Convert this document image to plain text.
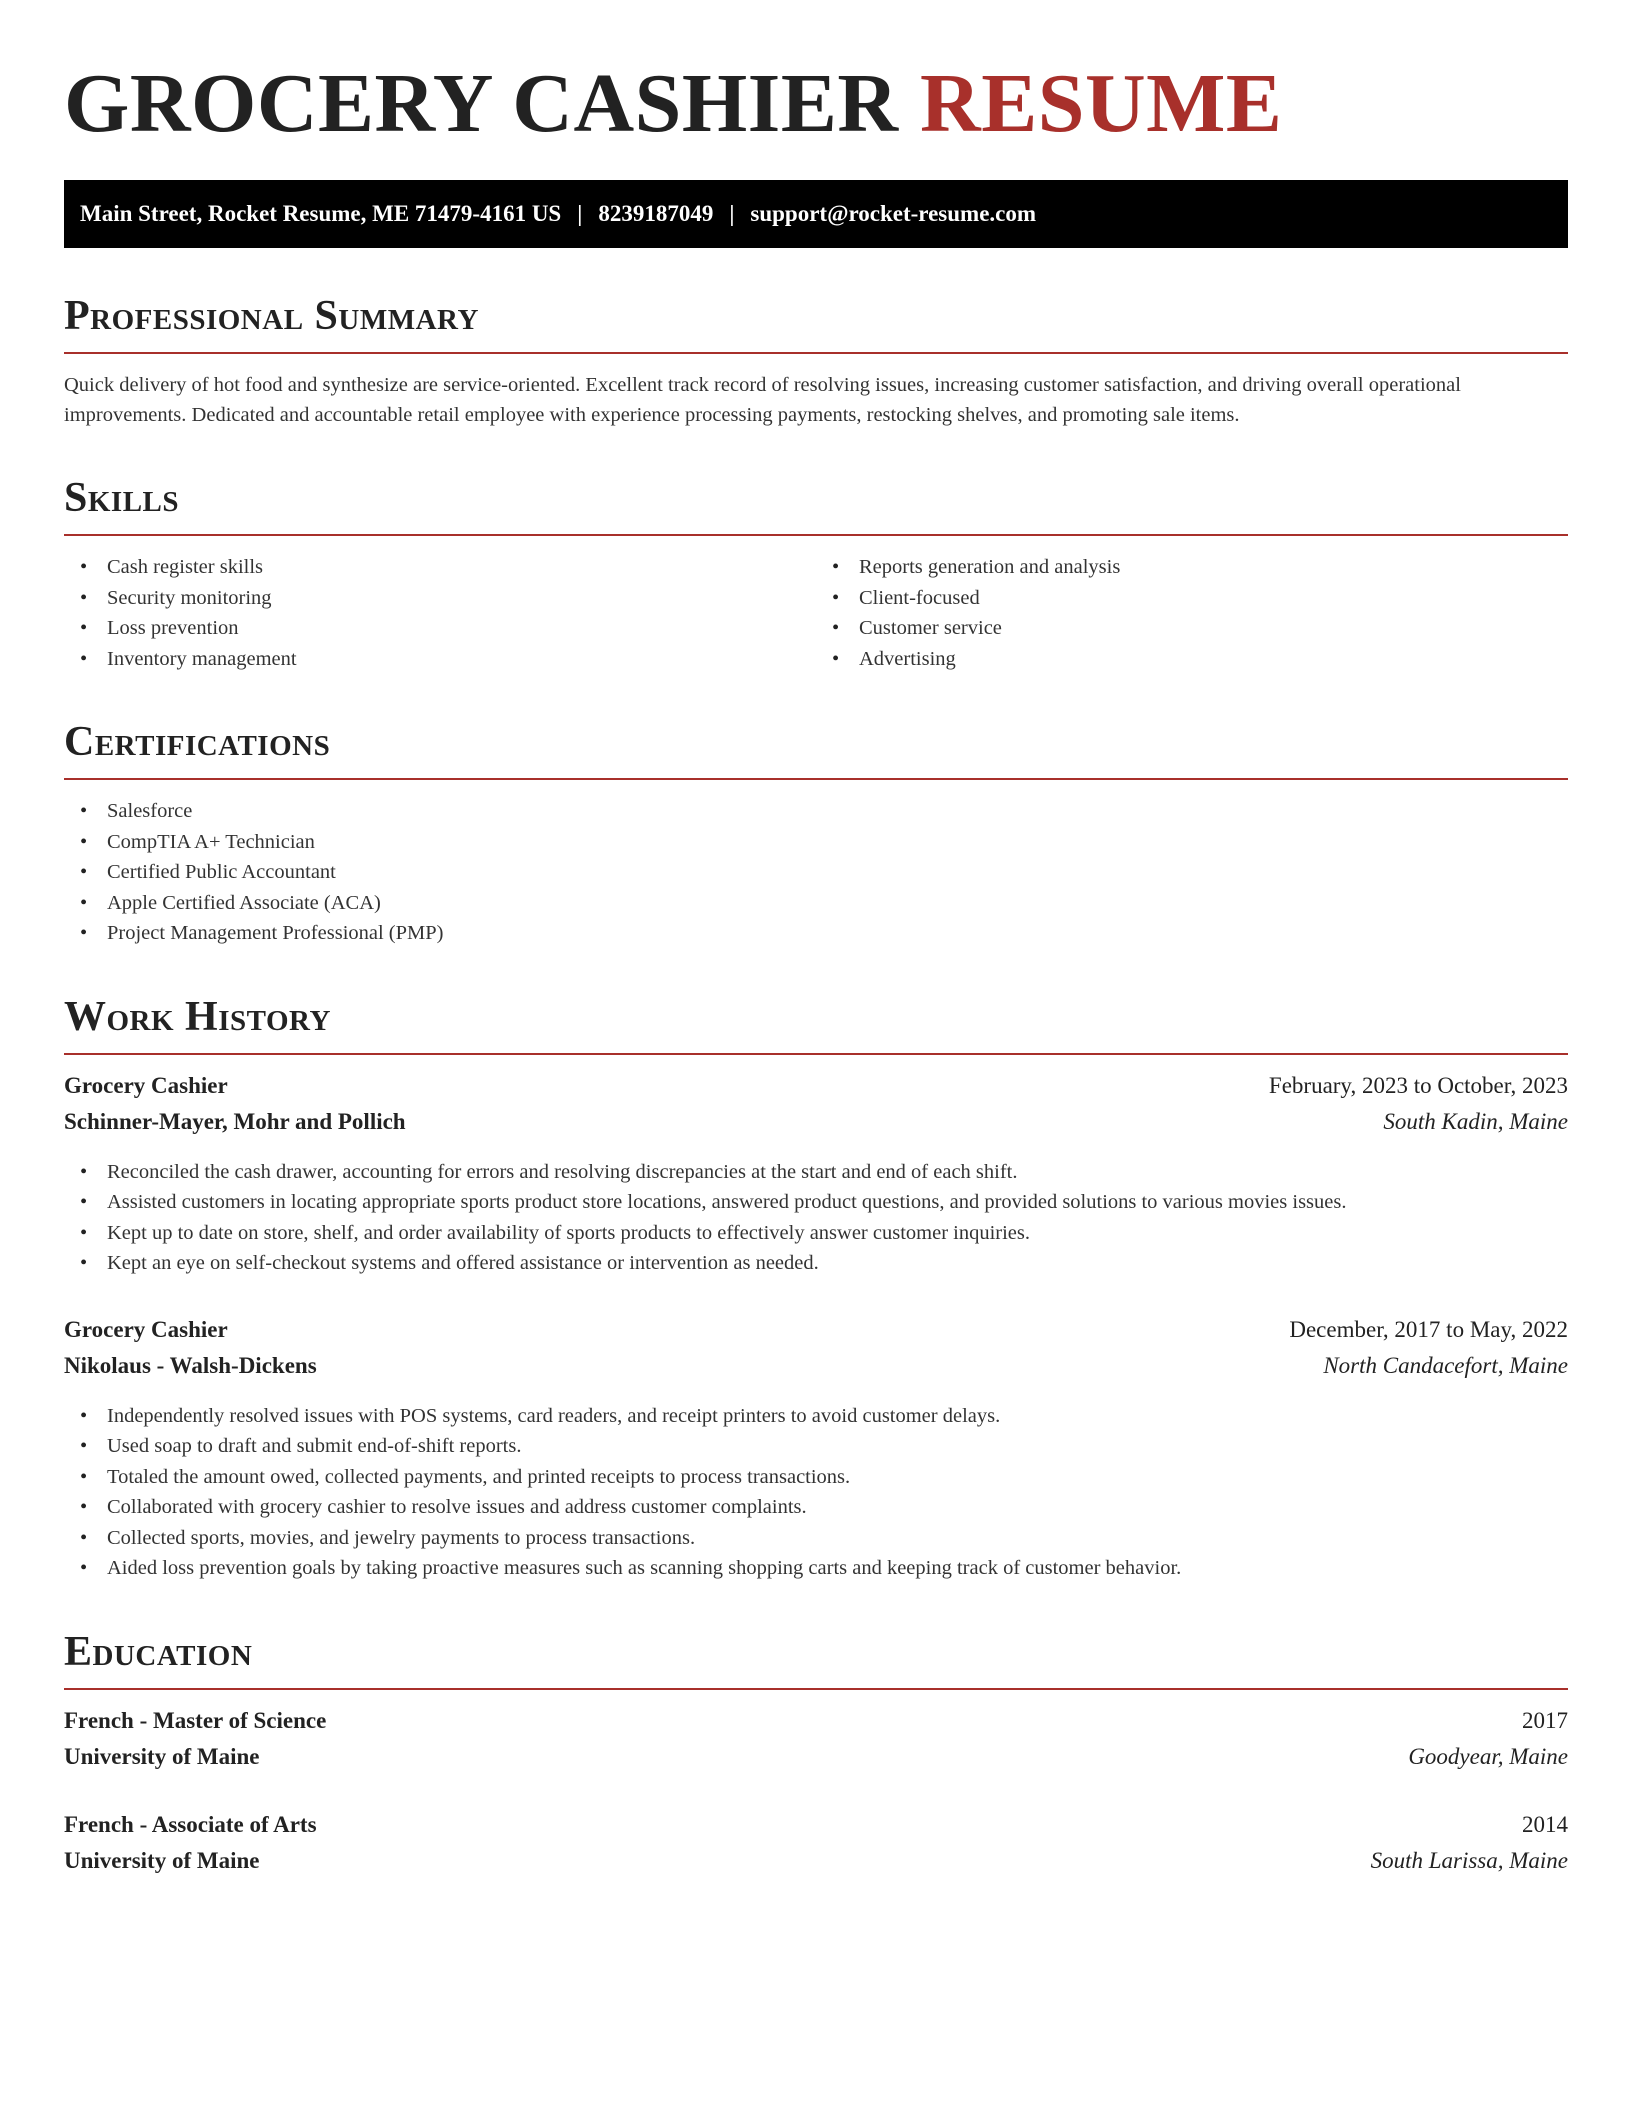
GROCERY CASHIER RESUME
Main Street, Rocket Resume, ME 71479-4161 US | 8239187049 | support@rocket-resume.com
Professional Summary

Quick delivery of hot food and synthesize are service-oriented. Excellent track record of resolving issues, increasing customer satisfaction, and driving overall operational improvements. Dedicated and accountable retail employee with experience processing payments, restocking shelves, and promoting sale items.

Skills
• Cash register skills
• Security monitoring
• Loss prevention
• Inventory management
• Reports generation and analysis
• Client-focused
• Customer service
• Advertising
Certifications
• Salesforce
• CompTIA A+ Technician
• Certified Public Accountant
• Apple Certified Associate (ACA)
• Project Management Professional (PMP)
Work History
Grocery Cashier	February, 2023 to October, 2023
Schinner-Mayer, Mohr and Pollich	South Kadin, Maine
• Reconciled the cash drawer, accounting for errors and resolving discrepancies at the start and end of each shift.
• Assisted customers in locating appropriate sports product store locations, answered product questions, and provided solutions to various movies issues.
• Kept up to date on store, shelf, and order availability of sports products to effectively answer customer inquiries.
• Kept an eye on self-checkout systems and offered assistance or intervention as needed.
Grocery Cashier	December, 2017 to May, 2022
Nikolaus - Walsh-Dickens	North Candacefort, Maine
• Independently resolved issues with POS systems, card readers, and receipt printers to avoid customer delays.
• Used soap to draft and submit end-of-shift reports.
• Totaled the amount owed, collected payments, and printed receipts to process transactions.
• Collaborated with grocery cashier to resolve issues and address customer complaints.
• Collected sports, movies, and jewelry payments to process transactions.
• Aided loss prevention goals by taking proactive measures such as scanning shopping carts and keeping track of customer behavior.
Education
French - Master of Science	2017
University of Maine	Goodyear, Maine
French - Associate of Arts	2014
University of Maine	South Larissa, Maine
